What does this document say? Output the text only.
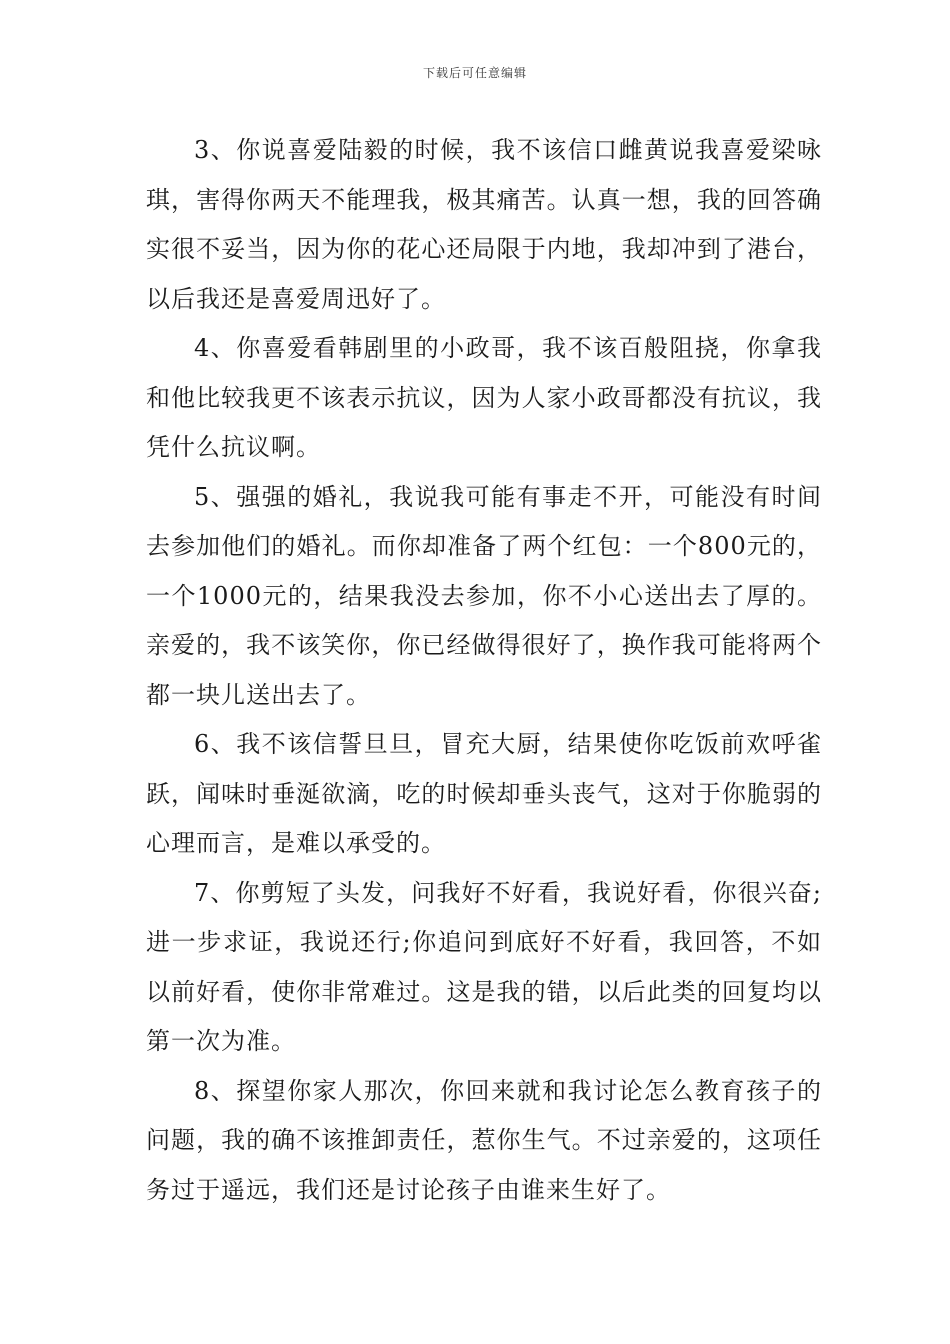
下载后可任意编辑

3、你说喜爱陆毅的时候，我不该信口雌黄说我喜爱梁咏琪，害得你两天不能理我，极其痛苦。认真一想，我的回答确实很不妥当，因为你的花心还局限于内地，我却冲到了港台，以后我还是喜爱周迅好了。

4、你喜爱看韩剧里的小政哥，我不该百般阻挠，你拿我和他比较我更不该表示抗议，因为人家小政哥都没有抗议，我凭什么抗议啊。

5、强强的婚礼，我说我可能有事走不开，可能没有时间去参加他们的婚礼。而你却准备了两个红包：一个800元的，一个1000元的，结果我没去参加，你不小心送出去了厚的。亲爱的，我不该笑你，你已经做得很好了，换作我可能将两个都一块儿送出去了。

6、我不该信誓旦旦，冒充大厨，结果使你吃饭前欢呼雀跃，闻味时垂涎欲滴，吃的时候却垂头丧气，这对于你脆弱的心理而言，是难以承受的。

7、你剪短了头发，问我好不好看，我说好看，你很兴奋;进一步求证，我说还行;你追问到底好不好看，我回答，不如以前好看，使你非常难过。这是我的错，以后此类的回复均以第一次为准。

8、探望你家人那次，你回来就和我讨论怎么教育孩子的问题，我的确不该推卸责任，惹你生气。不过亲爱的，这项任务过于遥远，我们还是讨论孩子由谁来生好了。
